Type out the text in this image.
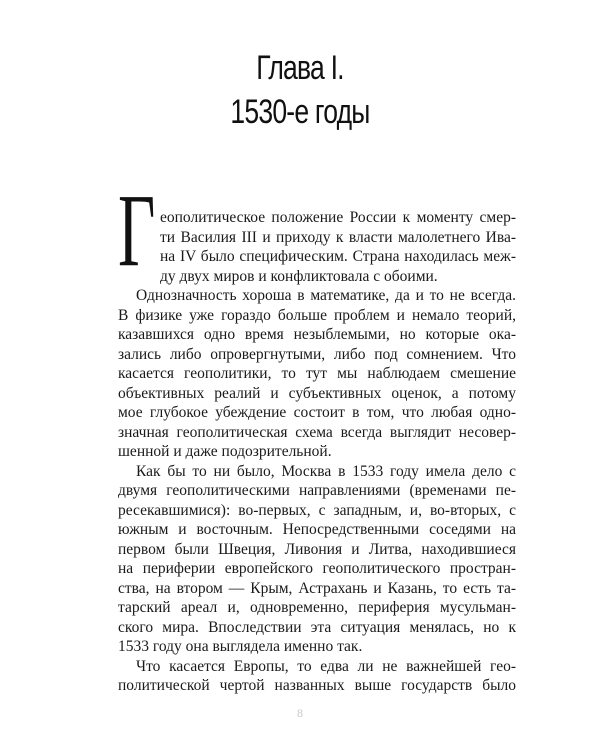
Глава I.
1530-е годы
Г еополитическое положение России к моменту смер-
ти Василия III и приходу к власти малолетнего Ива-
на IV было специфическим. Страна находилась меж-
ду двух миров и конфликтовала с обоими.
Однозначность хороша в математике, да и то не всегда.
В физике уже гораздо больше проблем и немало теорий,
казавшихся одно время незыблемыми, но которые ока-
зались либо опровергнутыми, либо под сомнением. Что
касается геополитики, то тут мы наблюдаем смешение
объективных реалий и субъективных оценок, а потому
мое глубокое убеждение состоит в том, что любая одно-
значная геополитическая схема всегда выглядит несовер-
шенной и даже подозрительной.
Как бы то ни было, Москва в 1533 году имела дело с
двумя геополитическими направлениями (временами пе-
ресекавшимися): во-первых, с западным, и, во-вторых, с
южным и восточным. Непосредственными соседями на
первом были Швеция, Ливония и Литва, находившиеся
на периферии европейского геополитического простран-
ства, на втором — Крым, Астрахань и Казань, то есть та-
тарский ареал и, одновременно, периферия мусульман-
ского мира. Впоследствии эта ситуация менялась, но к
1533 году она выглядела именно так.
Что касается Европы, то едва ли не важнейшей гео-
политической чертой названных выше государств было
8
